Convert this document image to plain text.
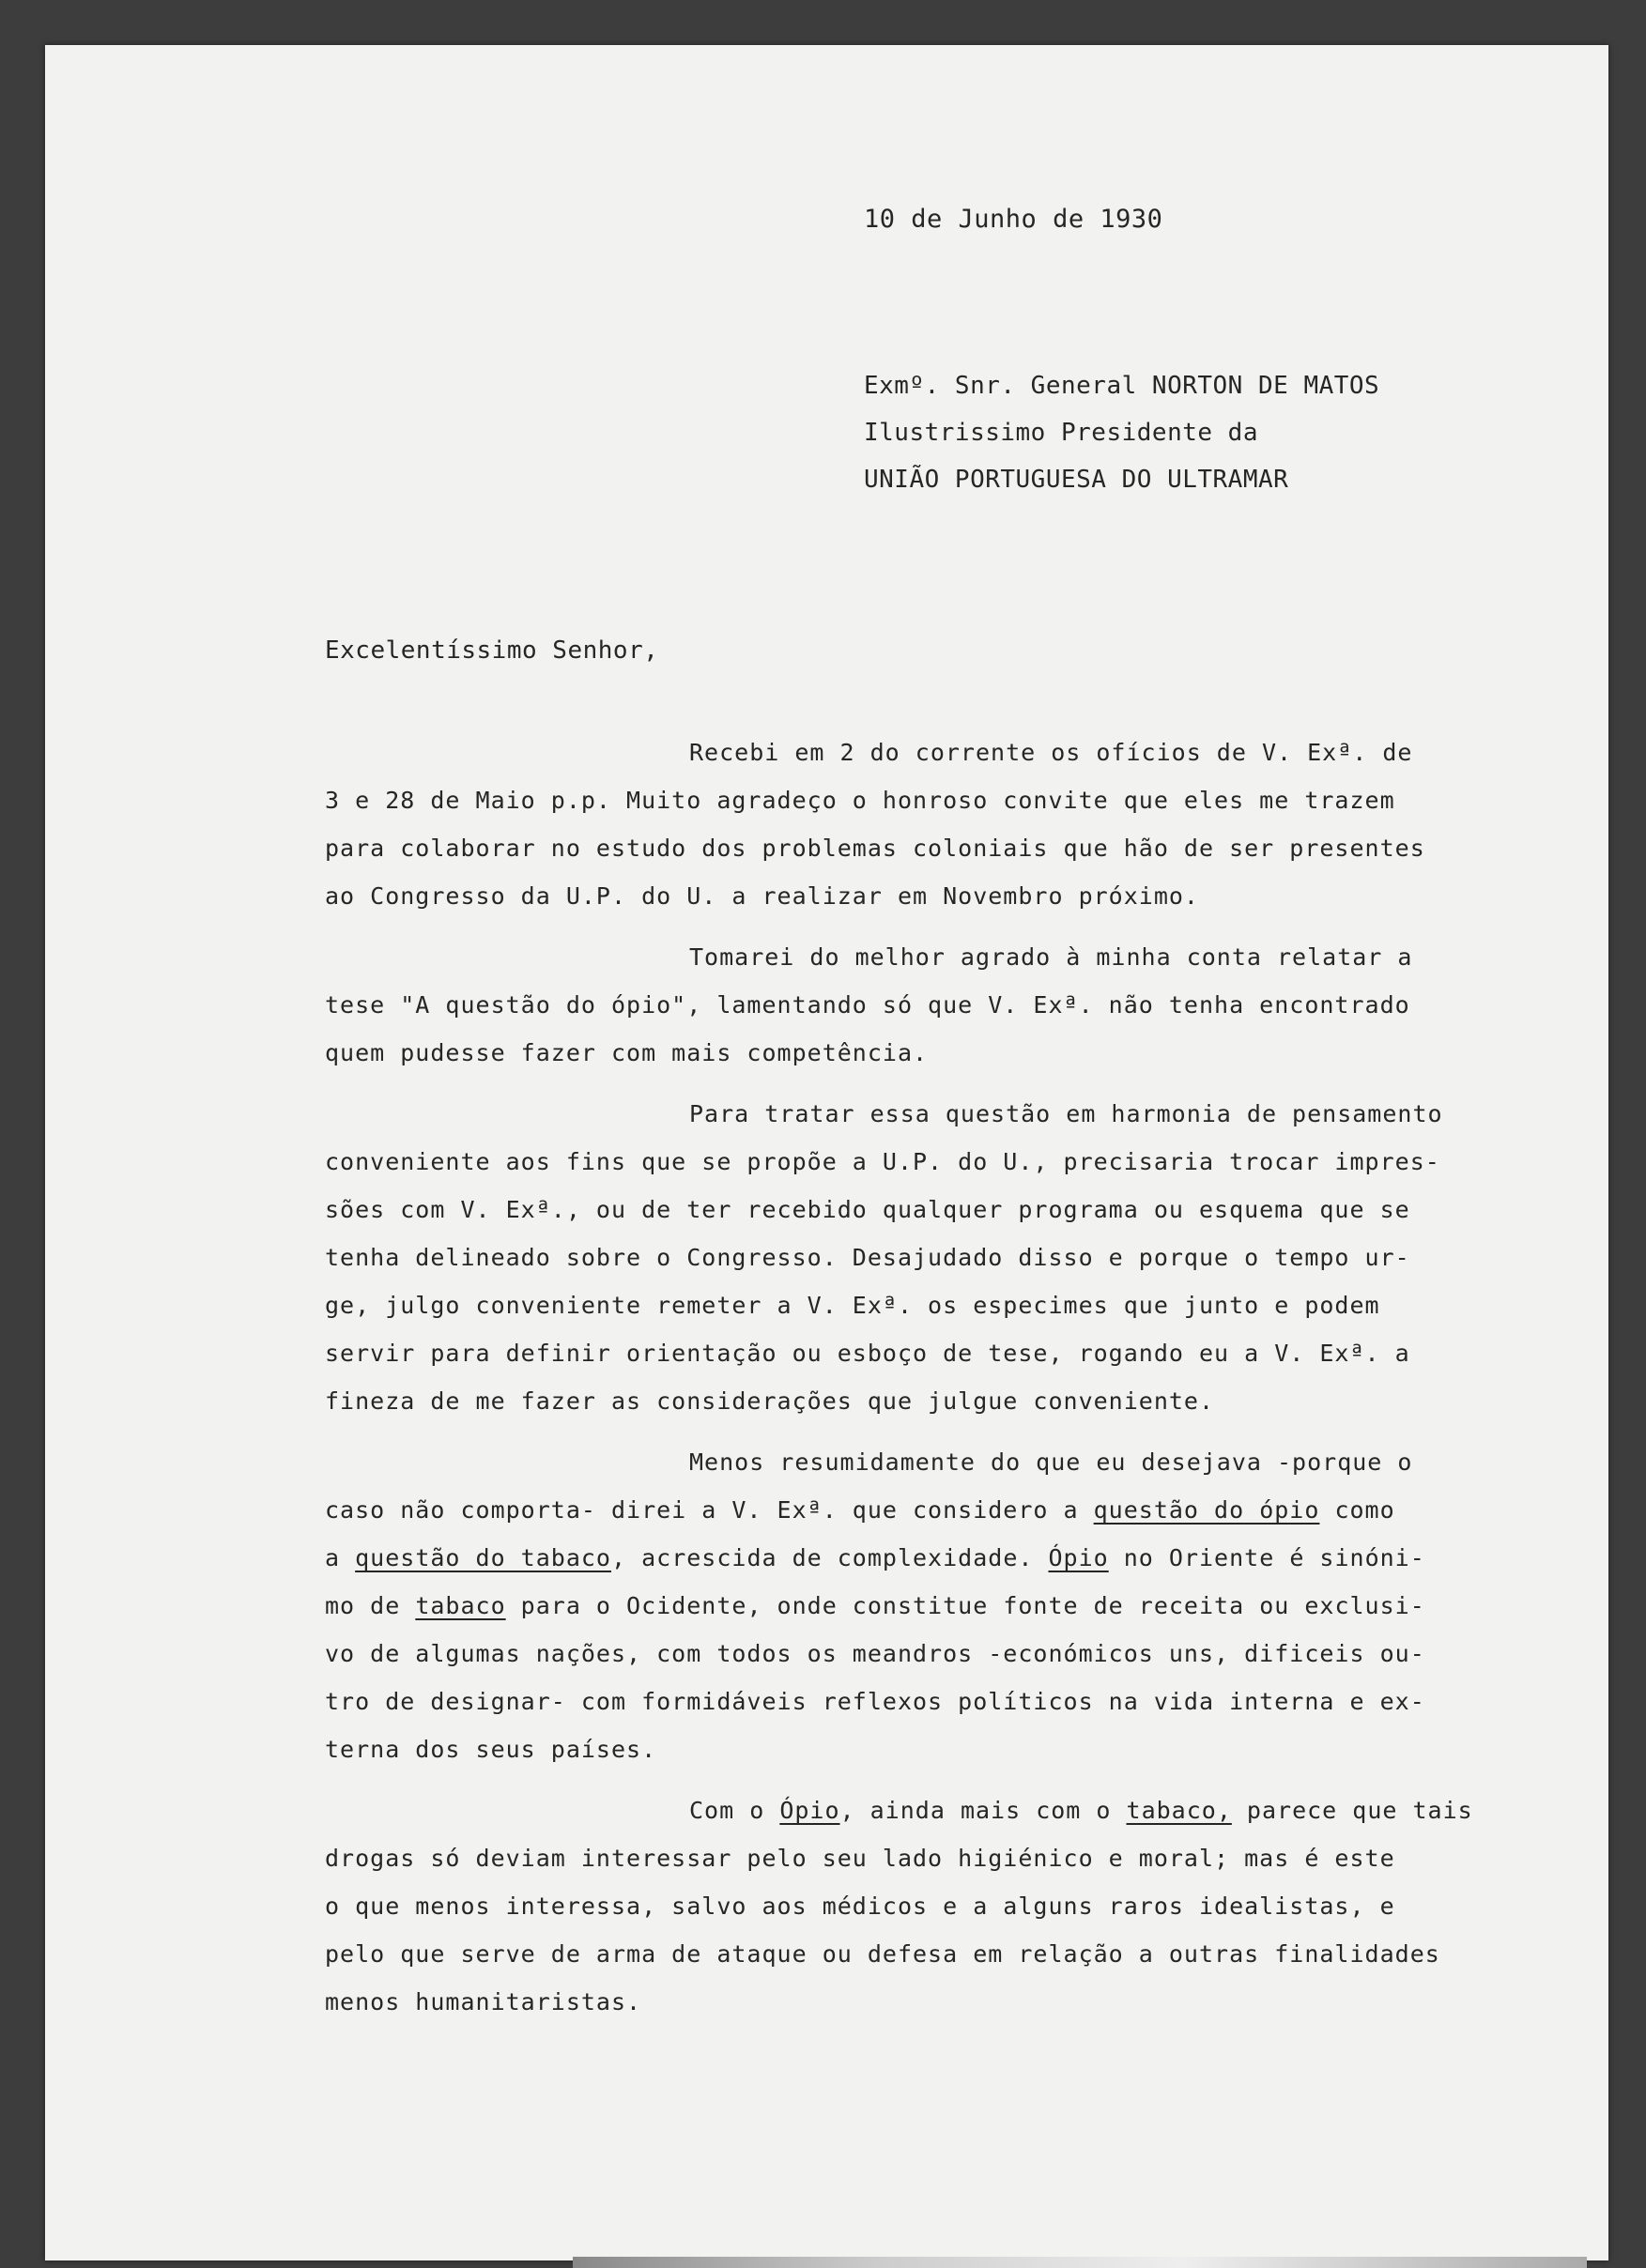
10 de Junho de 1930
Exmº. Snr. General NORTON DE MATOS
Ilustrissimo Presidente da
UNIÃO PORTUGUESA DO ULTRAMAR
Excelentíssimo Senhor,
Recebi em 2 do corrente os ofícios de V. Exª. de
3 e 28 de Maio p.p. Muito agradeço o honroso convite que eles me trazem
para colaborar no estudo dos problemas coloniais que hão de ser presentes
ao Congresso da U.P. do U. a realizar em Novembro próximo.
Tomarei do melhor agrado à minha conta relatar a
tese "A questão do ópio", lamentando só que V. Exª. não tenha encontrado
quem pudesse fazer com mais competência.
Para tratar essa questão em harmonia de pensamento
conveniente aos fins que se propõe a U.P. do U., precisaria trocar impres-
sões com V. Exª., ou de ter recebido qualquer programa ou esquema que se
tenha delineado sobre o Congresso. Desajudado disso e porque o tempo ur-
ge, julgo conveniente remeter a V. Exª. os especimes que junto e podem
servir para definir orientação ou esboço de tese, rogando eu a V. Exª. a
fineza de me fazer as considerações que julgue conveniente.
Menos resumidamente do que eu desejava -porque o
caso não comporta- direi a V. Exª. que considero a questão do ópio como
a questão do tabaco, acrescida de complexidade. Ópio no Oriente é sinóni-
mo de tabaco para o Ocidente, onde constitue fonte de receita ou exclusi-
vo de algumas nações, com todos os meandros -económicos uns, dificeis ou-
tro de designar- com formidáveis reflexos políticos na vida interna e ex-
terna dos seus países.
Com o Ópio, ainda mais com o tabaco, parece que tais
drogas só deviam interessar pelo seu lado higiénico e moral; mas é este
o que menos interessa, salvo aos médicos e a alguns raros idealistas, e
pelo que serve de arma de ataque ou defesa em relação a outras finalidades
menos humanitaristas.
